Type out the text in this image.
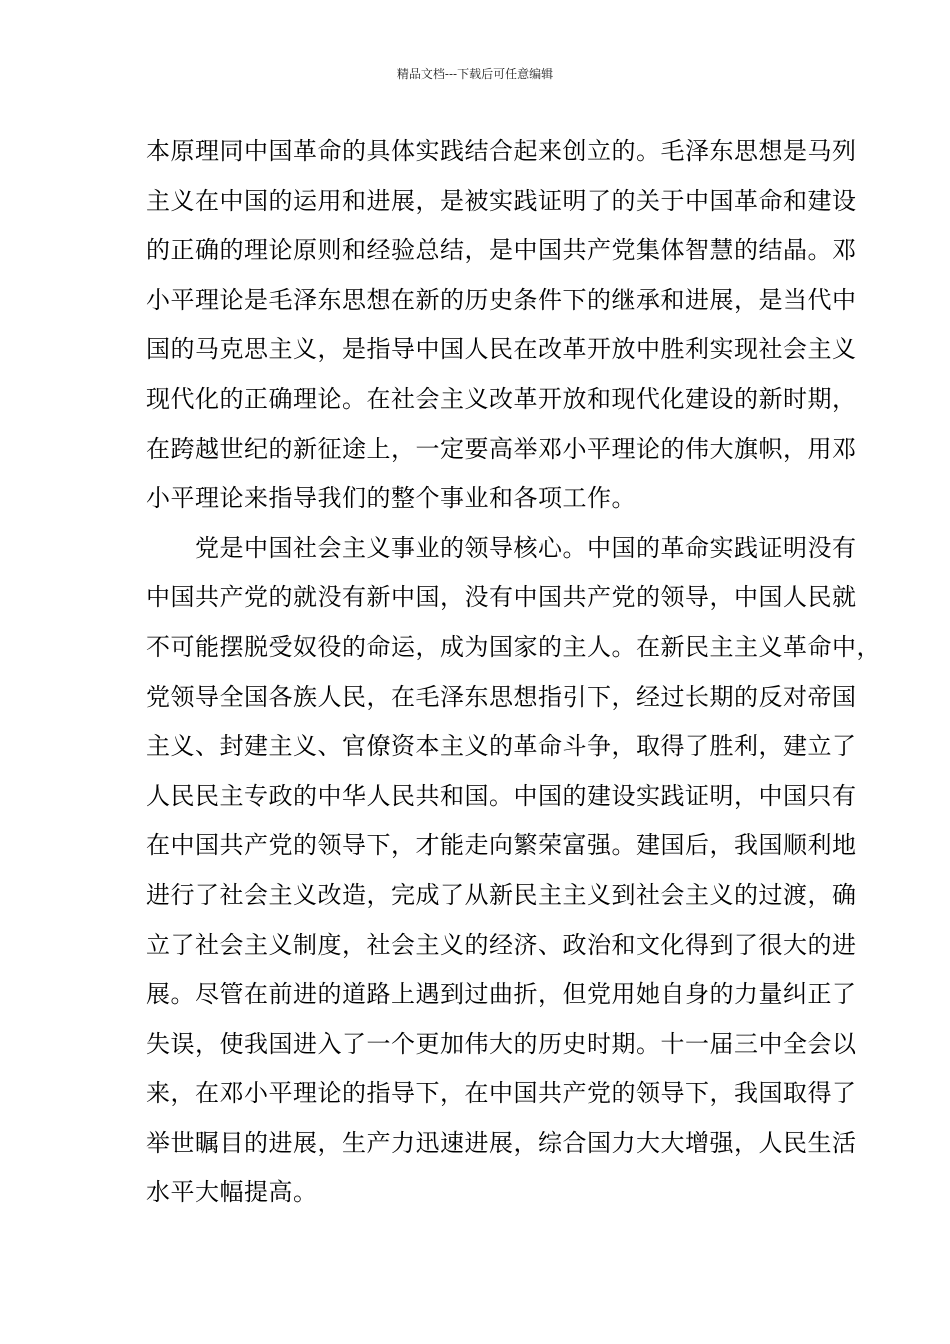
精品文档---下载后可任意编辑
本原理同中国革命的具体实践结合起来创立的。毛泽东思想是马列
主义在中国的运用和进展，是被实践证明了的关于中国革命和建设
的正确的理论原则和经验总结，是中国共产党集体智慧的结晶。邓
小平理论是毛泽东思想在新的历史条件下的继承和进展，是当代中
国的马克思主义，是指导中国人民在改革开放中胜利实现社会主义
现代化的正确理论。在社会主义改革开放和现代化建设的新时期，
在跨越世纪的新征途上，一定要高举邓小平理论的伟大旗帜，用邓
小平理论来指导我们的整个事业和各项工作。
　　党是中国社会主义事业的领导核心。中国的革命实践证明没有
中国共产党的就没有新中国，没有中国共产党的领导，中国人民就
不可能摆脱受奴役的命运，成为国家的主人。在新民主主义革命中，
党领导全国各族人民，在毛泽东思想指引下，经过长期的反对帝国
主义、封建主义、官僚资本主义的革命斗争，取得了胜利，建立了
人民民主专政的中华人民共和国。中国的建设实践证明，中国只有
在中国共产党的领导下，才能走向繁荣富强。建国后，我国顺利地
进行了社会主义改造，完成了从新民主主义到社会主义的过渡，确
立了社会主义制度，社会主义的经济、政治和文化得到了很大的进
展。尽管在前进的道路上遇到过曲折，但党用她自身的力量纠正了
失误，使我国进入了一个更加伟大的历史时期。十一届三中全会以
来，在邓小平理论的指导下，在中国共产党的领导下，我国取得了
举世瞩目的进展，生产力迅速进展，综合国力大大增强，人民生活
水平大幅提高。
